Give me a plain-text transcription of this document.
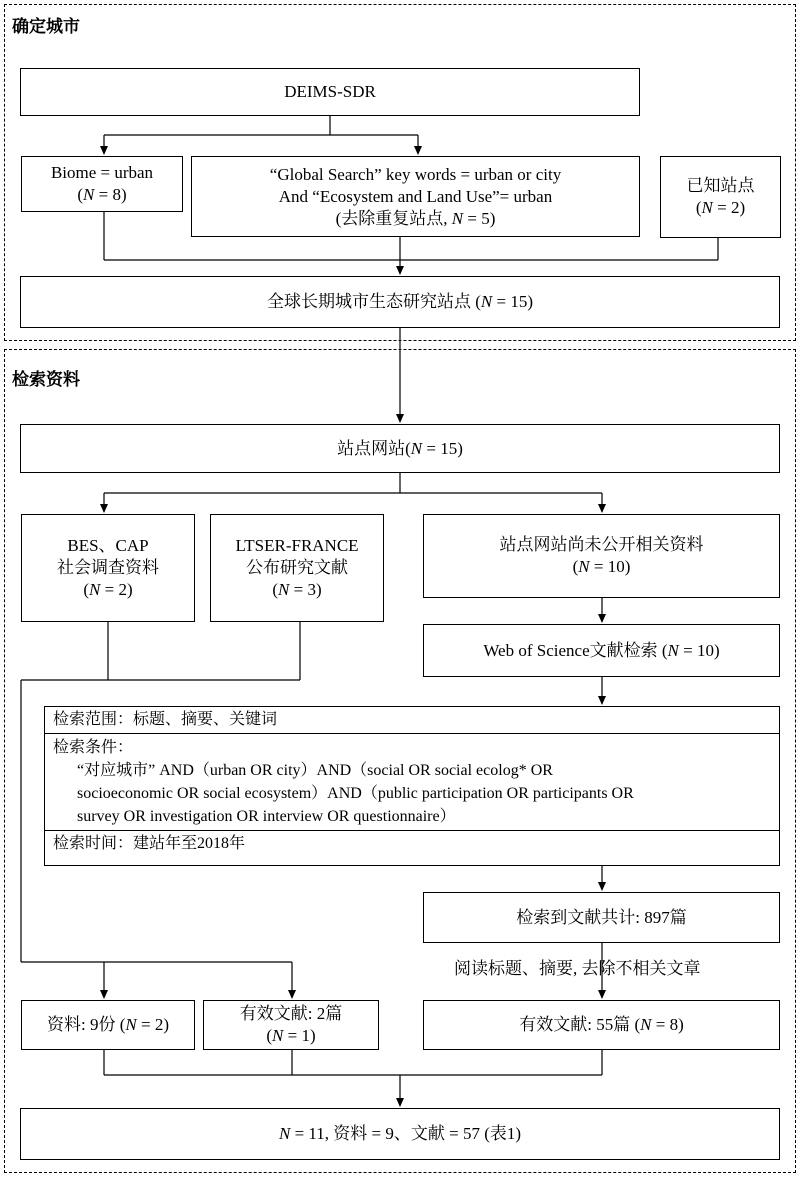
确定城市
检索资料
DEIMS-SDR
Biome = urban
(N = 8)
“Global Search” key words = urban or city
And “Ecosystem and Land Use”= urban
(去除重复站点, N = 5)
已知站点
(N = 2)
全球长期城市生态研究站点 (N = 15)
站点网站(N = 15)
BES、CAP
社会调查资料
(N = 2)
LTSER-FRANCE
公布研究文献
(N = 3)
站点网站尚未公开相关资料
(N = 10)
Web of Science文献检索 (N = 10)
检索范围：标题、摘要、关键词
检索条件：
“对应城市” AND（urban OR city）AND（social OR social ecolog* OR
socioeconomic OR social ecosystem）AND（public participation OR participants OR
survey OR investigation OR interview OR questionnaire）
检索时间：建站年至2018年
检索到文献共计: 897篇
阅读标题、摘要, 去除不相关文章
资料: 9份 (N = 2)
有效文献: 2篇
(N = 1)
有效文献: 55篇 (N = 8)
N = 11, 资料 = 9、文献 = 57 (表1)
